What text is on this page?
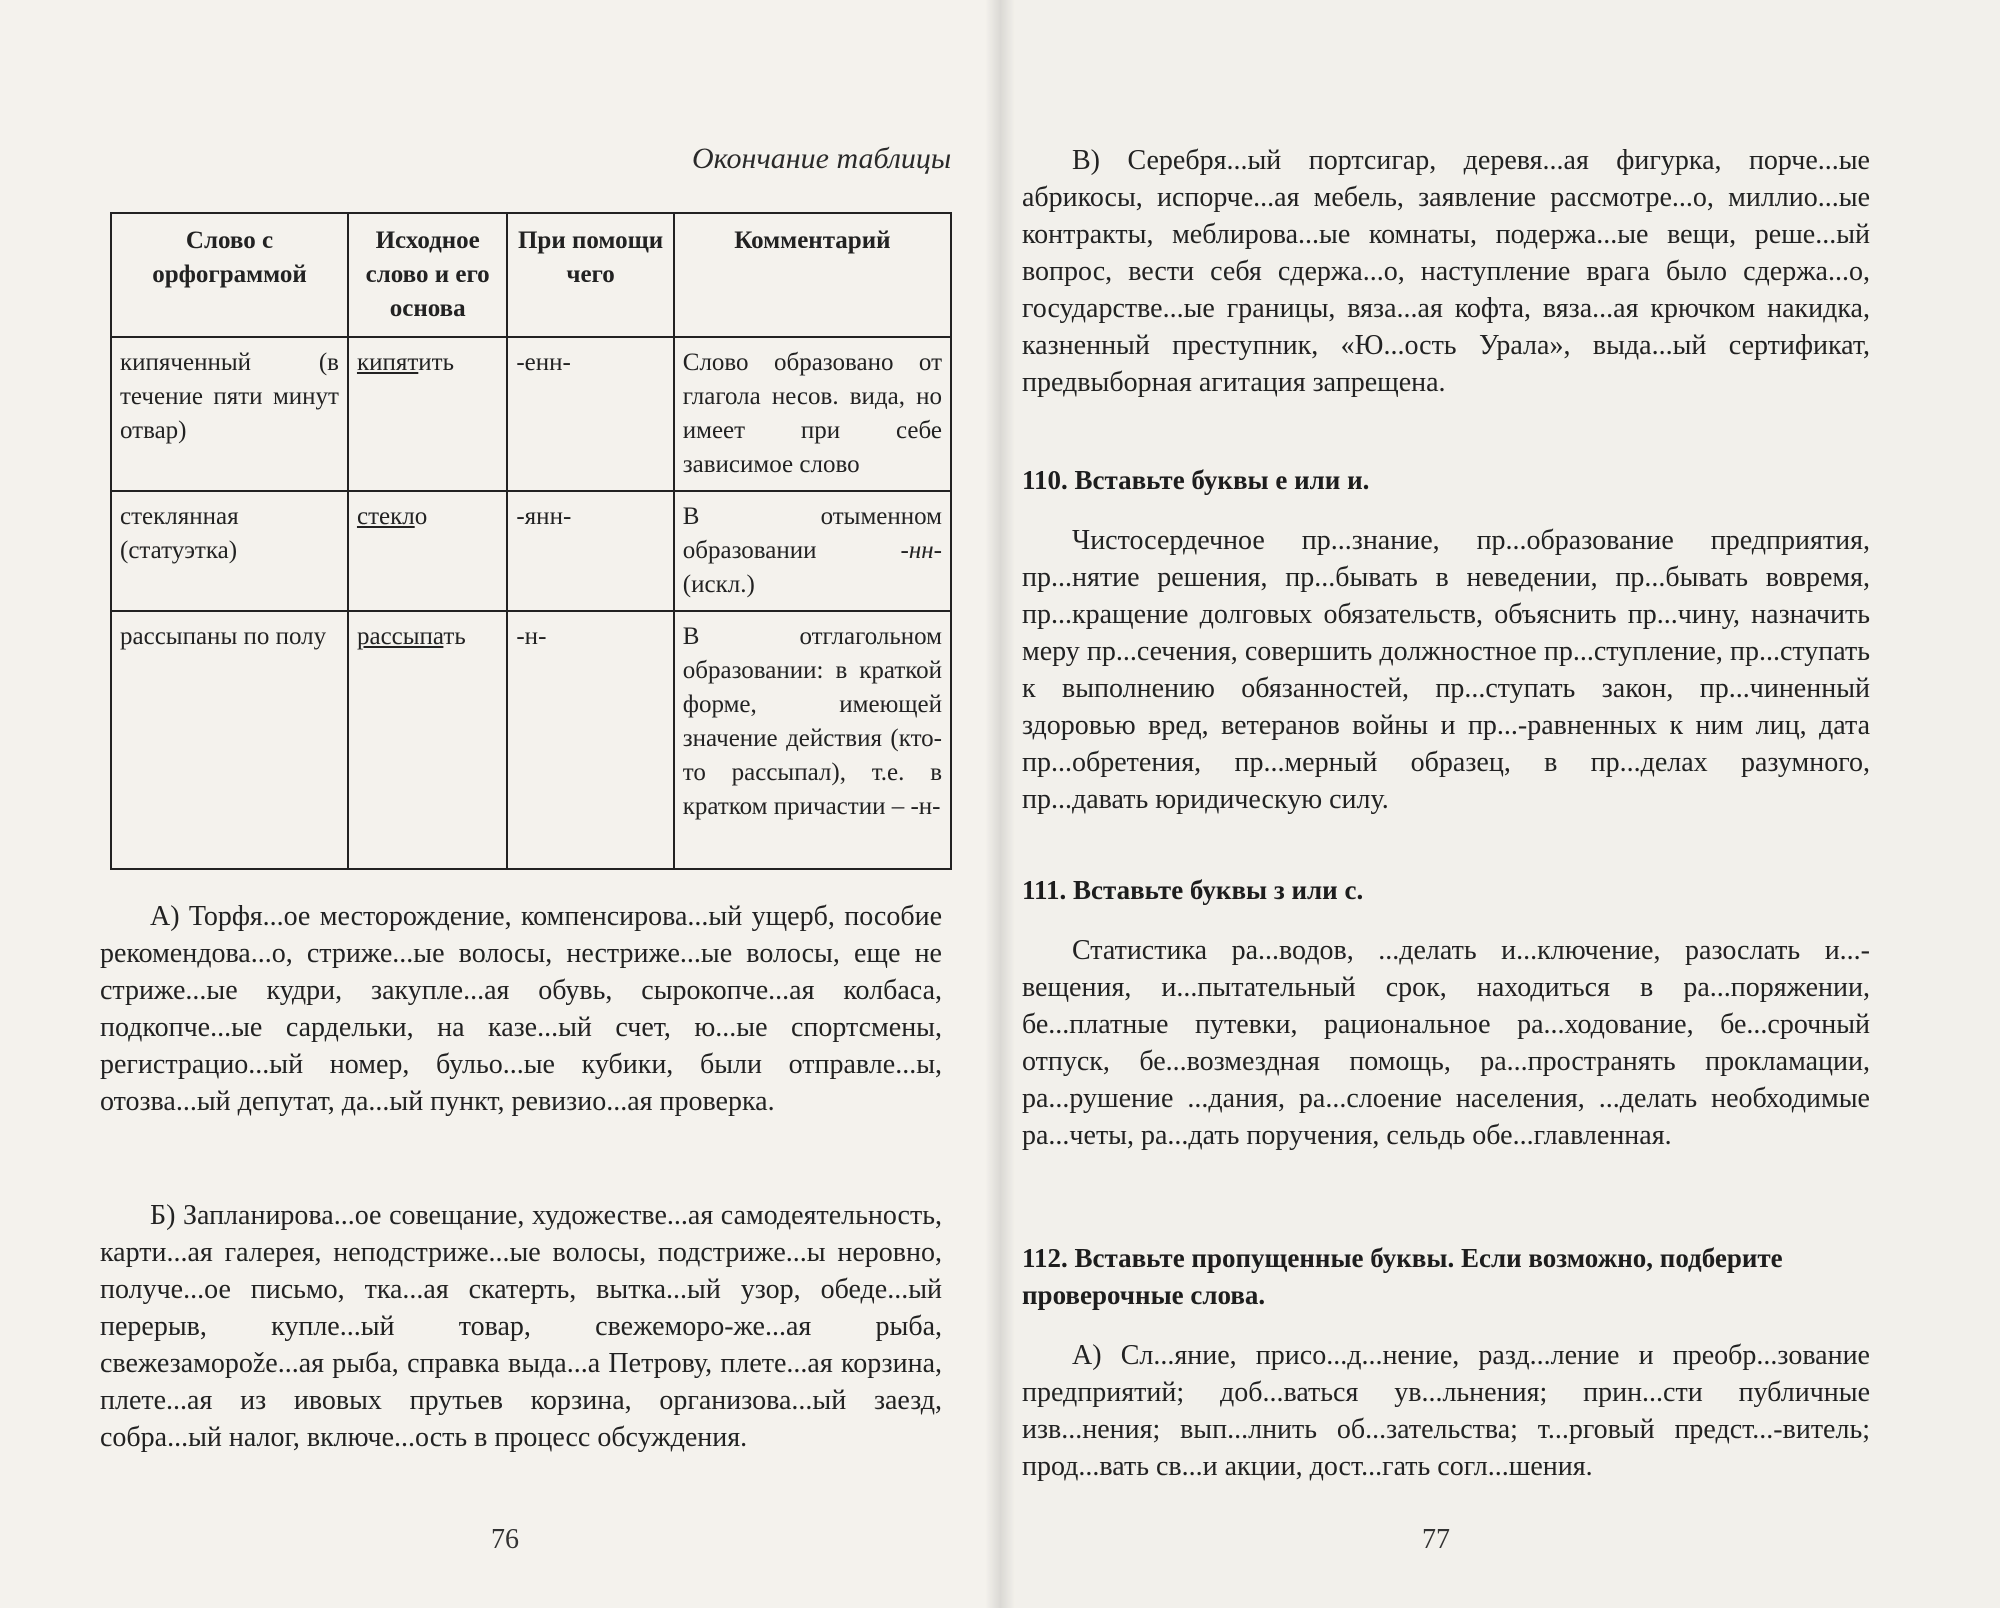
Окончание таблицы
Слово с орфограммой	Исходное слово и его основа	При помощи чего	Комментарий
кипяченный (в течение пяти минут отвар)	кипятить	-енн-	Слово образовано от глагола несов. вида, но имеет при себе зависимое слово
стеклянная (статуэтка)	стекло	-янн-	В отыменном образовании -нн- (искл.)
рассыпаны по полу	рассыпать	-н-	В отглагольном образовании: в краткой форме, имеющей значение действия (кто-то рассыпал), т.е. в кратком причастии – -н-
А) Торфя...ое месторождение, компенсирова...ый ущерб, пособие рекомендова...о, стриже...ые волосы, нестриже...ые волосы, еще не стриже...ые кудри, закупле...ая обувь, сырокопче...ая колбаса, подкопче...ые сардельки, на казе...ый счет, ю...ые спортсмены, регистрацио...ый номер, бульо...ые кубики, были отправле...ы, отозва...ый депутат, да...ый пункт, ревизио...ая проверка.
Б) Запланирова...ое совещание, художестве...ая самодеятельность, карти...ая галерея, неподстриже...ые волосы, подстриже...ы неровно, получе...ое письмо, тка...ая скатерть, вытка...ый узор, обеде...ый перерыв, купле...ый товар, свежеморо-же...ая рыба, свежезаморože...ая рыба, справка выда...а Петрову, плете...ая корзина, плете...ая из ивовых прутьев корзина, организова...ый заезд, собра...ый налог, включе...ость в процесс обсуждения.
76
В) Серебря...ый портсигар, деревя...ая фигурка, порче...ые абрикосы, испорче...ая мебель, заявление рассмотре...о, миллио...ые контракты, меблирова...ые комнаты, подержа...ые вещи, реше...ый вопрос, вести себя сдержа...о, наступление врага было сдержа...о, государстве...ые границы, вяза...ая кофта, вяза...ая крючком накидка, казненный преступник, «Ю...ость Урала», выда...ый сертификат, предвыборная агитация запрещена.
110. Вставьте буквы е или и.
Чистосердечное пр...знание, пр...образование предприятия, пр...нятие решения, пр...бывать в неведении, пр...бывать вовремя, пр...кращение долговых обязательств, объяснить пр...чину, назначить меру пр...сечения, совершить должностное пр...ступление, пр...ступать к выполнению обязанностей, пр...ступать закон, пр...чиненный здоровью вред, ветеранов войны и пр...-равненных к ним лиц, дата пр...обретения, пр...мерный образец, в пр...делах разумного, пр...давать юридическую силу.
111. Вставьте буквы з или с.
Статистика ра...водов, ...делать и...ключение, разослать и...-вещения, и...пытательный срок, находиться в ра...поряжении, бе...платные путевки, рациональное ра...ходование, бе...срочный отпуск, бе...возмездная помощь, ра...пространять прокламации, ра...рушение ...дания, ра...слоение населения, ...делать необходимые ра...четы, ра...дать поручения, сельдь обе...главленная.
112. Вставьте пропущенные буквы. Если возможно, подберите проверочные слова.
А) Сл...яние, присо...д...нение, разд...ление и преобр...зование предприятий; доб...ваться ув...льнения; прин...сти публичные изв...нения; вып...лнить об...зательства; т...рговый предст...-витель; прод...вать св...и акции, дост...гать согл...шения.
77
